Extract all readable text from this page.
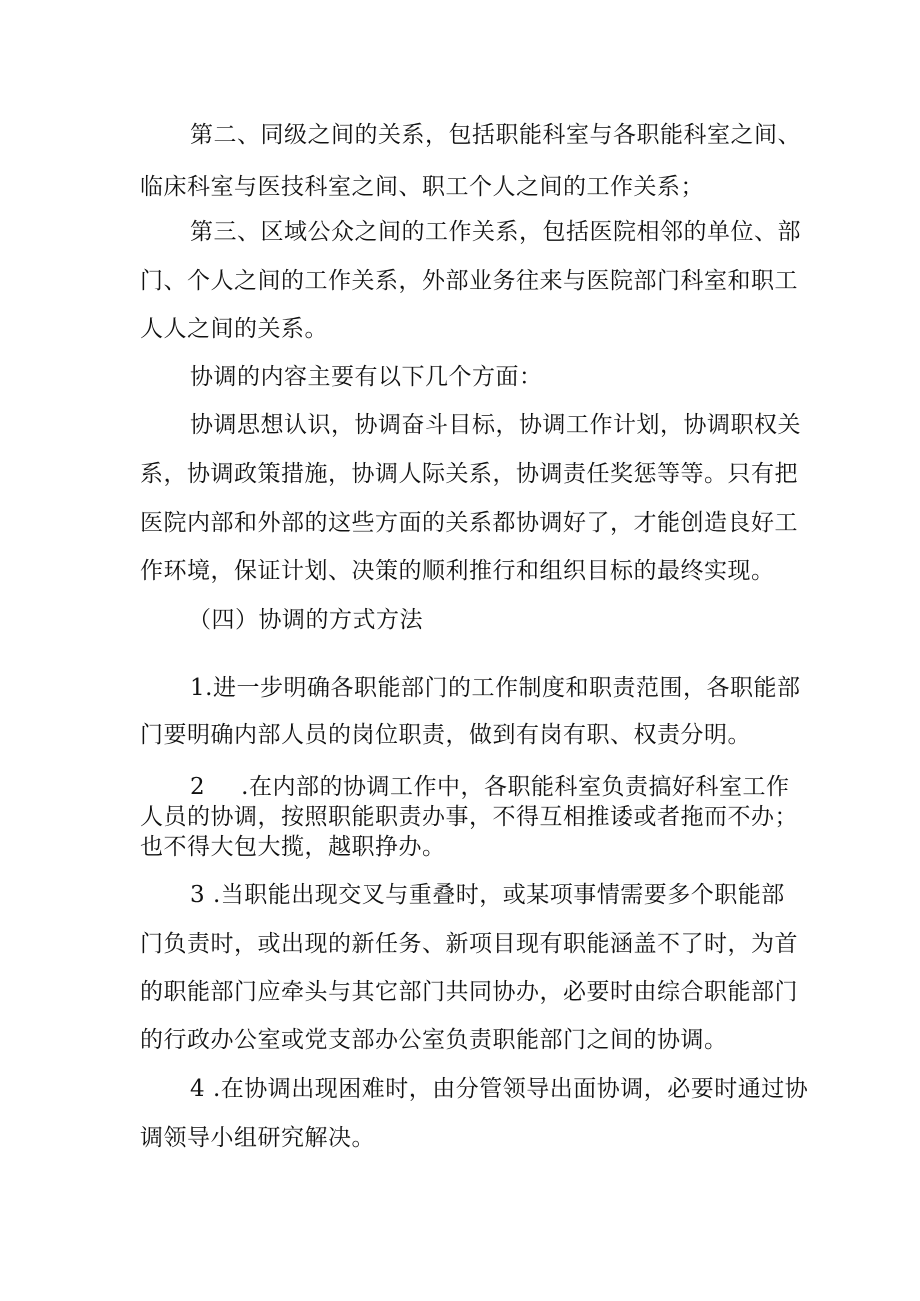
第二、同级之间的关系，包括职能科室与各职能科室之间、
临床科室与医技科室之间、职工个人之间的工作关系；
第三、区域公众之间的工作关系，包括医院相邻的单位、部
门、个人之间的工作关系，外部业务往来与医院部门科室和职工
人人之间的关系。
协调的内容主要有以下几个方面：
协调思想认识，协调奋斗目标，协调工作计划，协调职权关
系，协调政策措施，协调人际关系，协调责任奖惩等等。只有把
医院内部和外部的这些方面的关系都协调好了，才能创造良好工
作环境，保证计划、决策的顺利推行和组织目标的最终实现。
（四）协调的方式方法
1.进一步明确各职能部门的工作制度和职责范围，各职能部
门要明确内部人员的岗位职责，做到有岗有职、权责分明。
2 .在内部的协调工作中，各职能科室负责搞好科室工作
人员的协调，按照职能职责办事，不得互相推诿或者拖而不办；
也不得大包大揽，越职挣办。
3 .当职能出现交叉与重叠时，或某项事情需要多个职能部
门负责时，或出现的新任务、新项目现有职能涵盖不了时，为首
的职能部门应牵头与其它部门共同协办，必要时由综合职能部门
的行政办公室或党支部办公室负责职能部门之间的协调。
4 .在协调出现困难时，由分管领导出面协调，必要时通过协
调领导小组研究解决。
